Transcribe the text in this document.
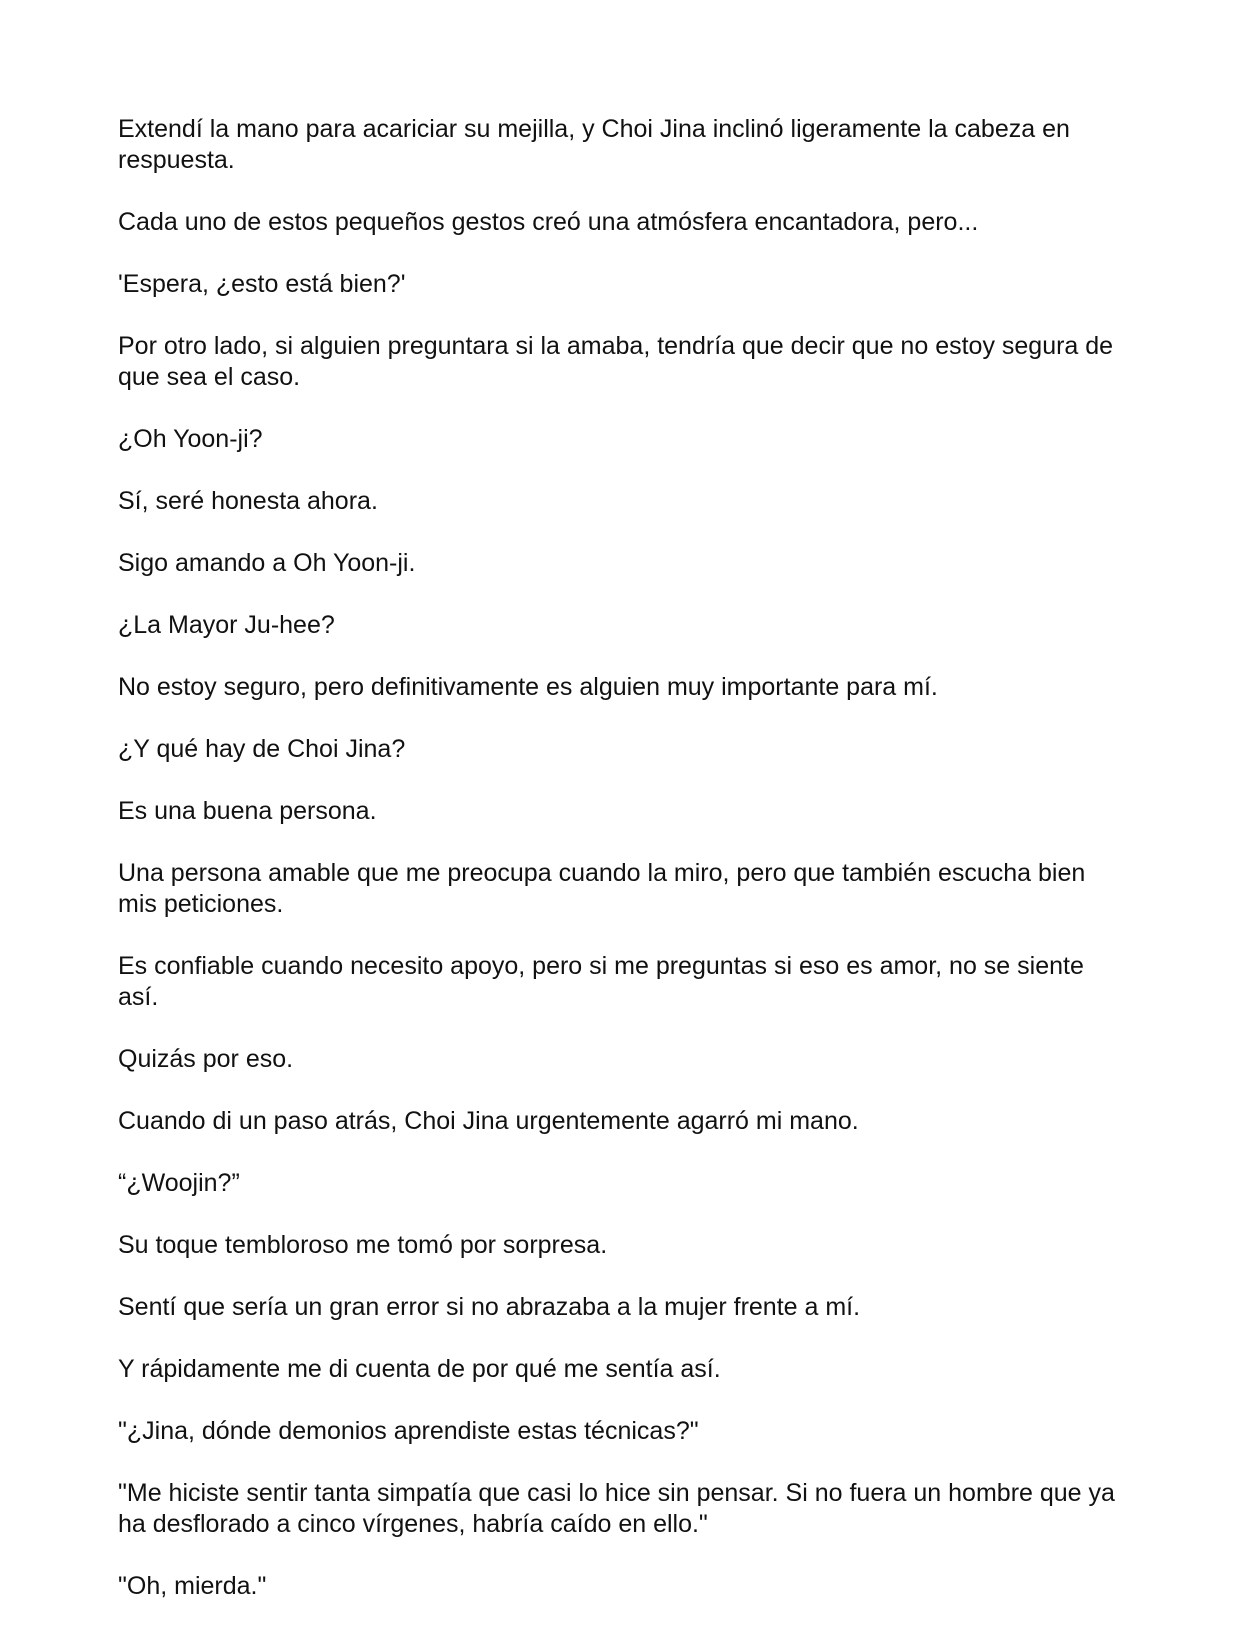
Extendí la mano para acariciar su mejilla, y Choi Jina inclinó ligeramente la cabeza en respuesta.

Cada uno de estos pequeños gestos creó una atmósfera encantadora, pero...

'Espera, ¿esto está bien?'

Por otro lado, si alguien preguntara si la amaba, tendría que decir que no estoy segura de que sea el caso.

¿Oh Yoon-ji?

Sí, seré honesta ahora.

Sigo amando a Oh Yoon-ji.

¿La Mayor Ju-hee?

No estoy seguro, pero definitivamente es alguien muy importante para mí.

¿Y qué hay de Choi Jina?

Es una buena persona.

Una persona amable que me preocupa cuando la miro, pero que también escucha bien mis peticiones.

Es confiable cuando necesito apoyo, pero si me preguntas si eso es amor, no se siente así.

Quizás por eso.

Cuando di un paso atrás, Choi Jina urgentemente agarró mi mano.

“¿Woojin?”

Su toque tembloroso me tomó por sorpresa.

Sentí que sería un gran error si no abrazaba a la mujer frente a mí.

Y rápidamente me di cuenta de por qué me sentía así.

"¿Jina, dónde demonios aprendiste estas técnicas?"

"Me hiciste sentir tanta simpatía que casi lo hice sin pensar. Si no fuera un hombre que ya ha desflorado a cinco vírgenes, habría caído en ello."

"Oh, mierda."
